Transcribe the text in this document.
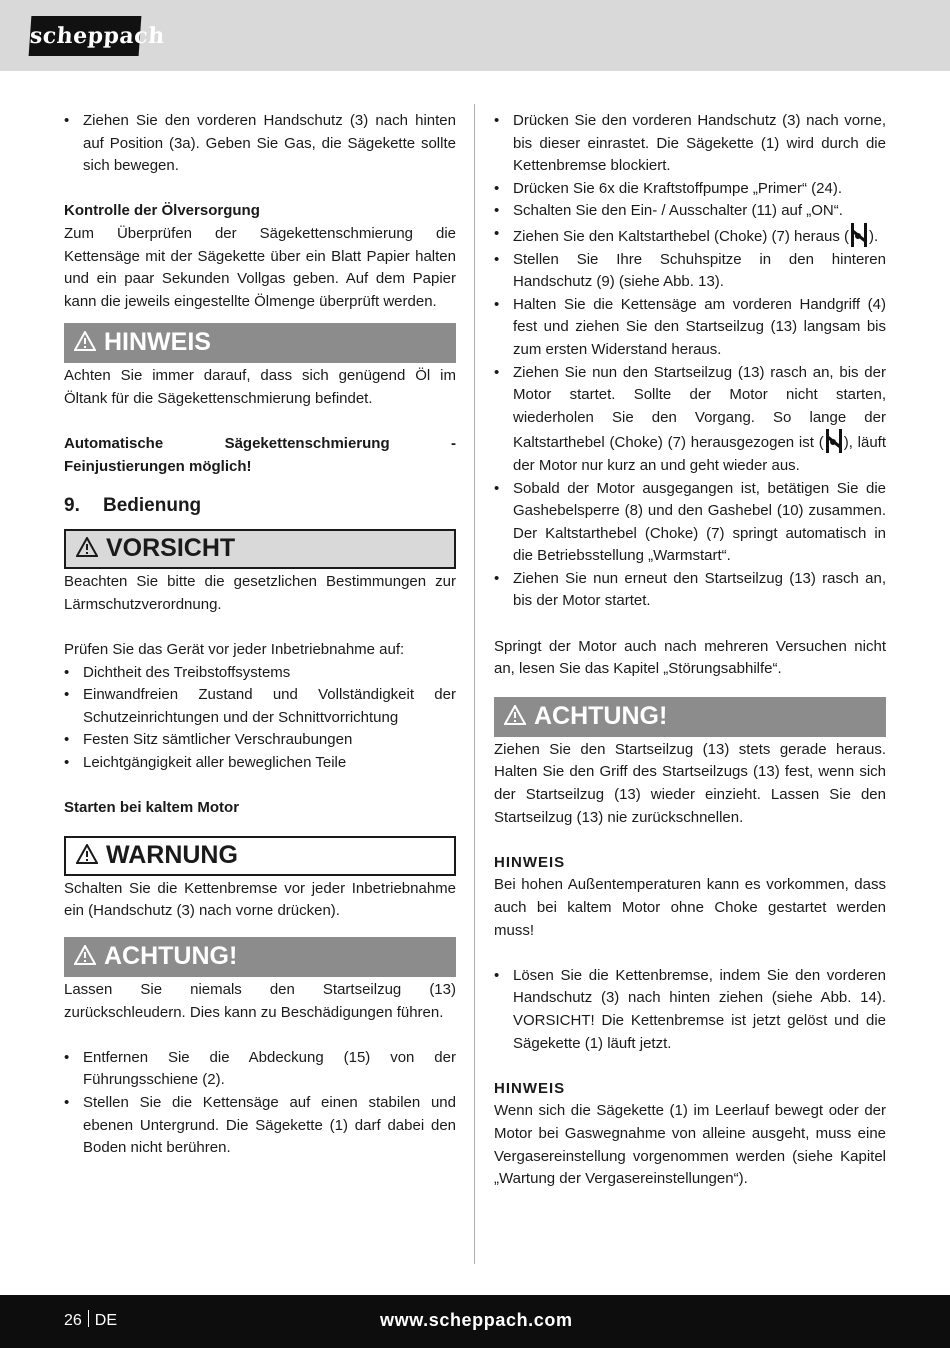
scheppach
• Ziehen Sie den vorderen Handschutz (3) nach hinten auf Position (3a). Geben Sie Gas, die Sägekette sollte sich bewegen.

Kontrolle der Ölversorgung

Zum Überprüfen der Sägekettenschmierung die Kettensäge mit der Sägekette über ein Blatt Papier halten und ein paar Sekunden Vollgas geben. Auf dem Papier kann die jeweils eingestellte Ölmenge überprüft werden.

HINWEIS

Achten Sie immer darauf, dass sich genügend Öl im Öltank für die Sägekettenschmierung befindet.

Automatische Sägekettenschmierung - Feinjustierungen möglich!

9. Bedienung
VORSICHT

Beachten Sie bitte die gesetzlichen Bestimmungen zur Lärmschutzverordnung.

Prüfen Sie das Gerät vor jeder Inbetriebnahme auf:

• Dichtheit des Treibstoffsystems
• Einwandfreien Zustand und Vollständigkeit der Schutzeinrichtungen und der Schnittvorrichtung
• Festen Sitz sämtlicher Verschraubungen
• Leichtgängigkeit aller beweglichen Teile

Starten bei kaltem Motor

WARNUNG

Schalten Sie die Kettenbremse vor jeder Inbetriebnahme ein (Handschutz (3) nach vorne drücken).

ACHTUNG!

Lassen Sie niemals den Startseilzug (13) zurückschleudern. Dies kann zu Beschädigungen führen.

• Entfernen Sie die Abdeckung (15) von der Führungsschiene (2).
• Stellen Sie die Kettensäge auf einen stabilen und ebenen Untergrund. Die Sägekette (1) darf dabei den Boden nicht berühren.
• Drücken Sie den vorderen Handschutz (3) nach vorne, bis dieser einrastet. Die Sägekette (1) wird durch die Kettenbremse blockiert.
• Drücken Sie 6x die Kraftstoffpumpe „Primer“ (24).
• Schalten Sie den Ein- / Ausschalter (11) auf „ON“.
• Ziehen Sie den Kaltstarthebel (Choke) (7) heraus ( ).
• Stellen Sie Ihre Schuhspitze in den hinteren Handschutz (9) (siehe Abb. 13).
• Halten Sie die Kettensäge am vorderen Handgriff (4) fest und ziehen Sie den Startseilzug (13) langsam bis zum ersten Widerstand heraus.
• Ziehen Sie nun den Startseilzug (13) rasch an, bis der Motor startet. Sollte der Motor nicht starten, wiederholen Sie den Vorgang. So lange der Kaltstarthebel (Choke) (7) herausgezogen ist ( ), läuft der Motor nur kurz an und geht wieder aus.
• Sobald der Motor ausgegangen ist, betätigen Sie die Gashebelsperre (8) und den Gashebel (10) zusammen. Der Kaltstarthebel (Choke) (7) springt automatisch in die Betriebsstellung „Warmstart“.
• Ziehen Sie nun erneut den Startseilzug (13) rasch an, bis der Motor startet.

Springt der Motor auch nach mehreren Versuchen nicht an, lesen Sie das Kapitel „Störungsabhilfe“.

ACHTUNG!

Ziehen Sie den Startseilzug (13) stets gerade heraus. Halten Sie den Griff des Startseilzugs (13) fest, wenn sich der Startseilzug (13) wieder einzieht. Lassen Sie den Startseilzug (13) nie zurückschnellen.

HINWEIS

Bei hohen Außentemperaturen kann es vorkommen, dass auch bei kaltem Motor ohne Choke gestartet werden muss!

• Lösen Sie die Kettenbremse, indem Sie den vorderen Handschutz (3) nach hinten ziehen (siehe Abb. 14). VORSICHT! Die Kettenbremse ist jetzt gelöst und die Sägekette (1) läuft jetzt.

HINWEIS

Wenn sich die Sägekette (1) im Leerlauf bewegt oder der Motor bei Gaswegnahme von alleine ausgeht, muss eine Vergasereinstellung vorgenommen werden (siehe Kapitel „Wartung der Vergasereinstellungen“).

26 DE	www.scheppach.com
